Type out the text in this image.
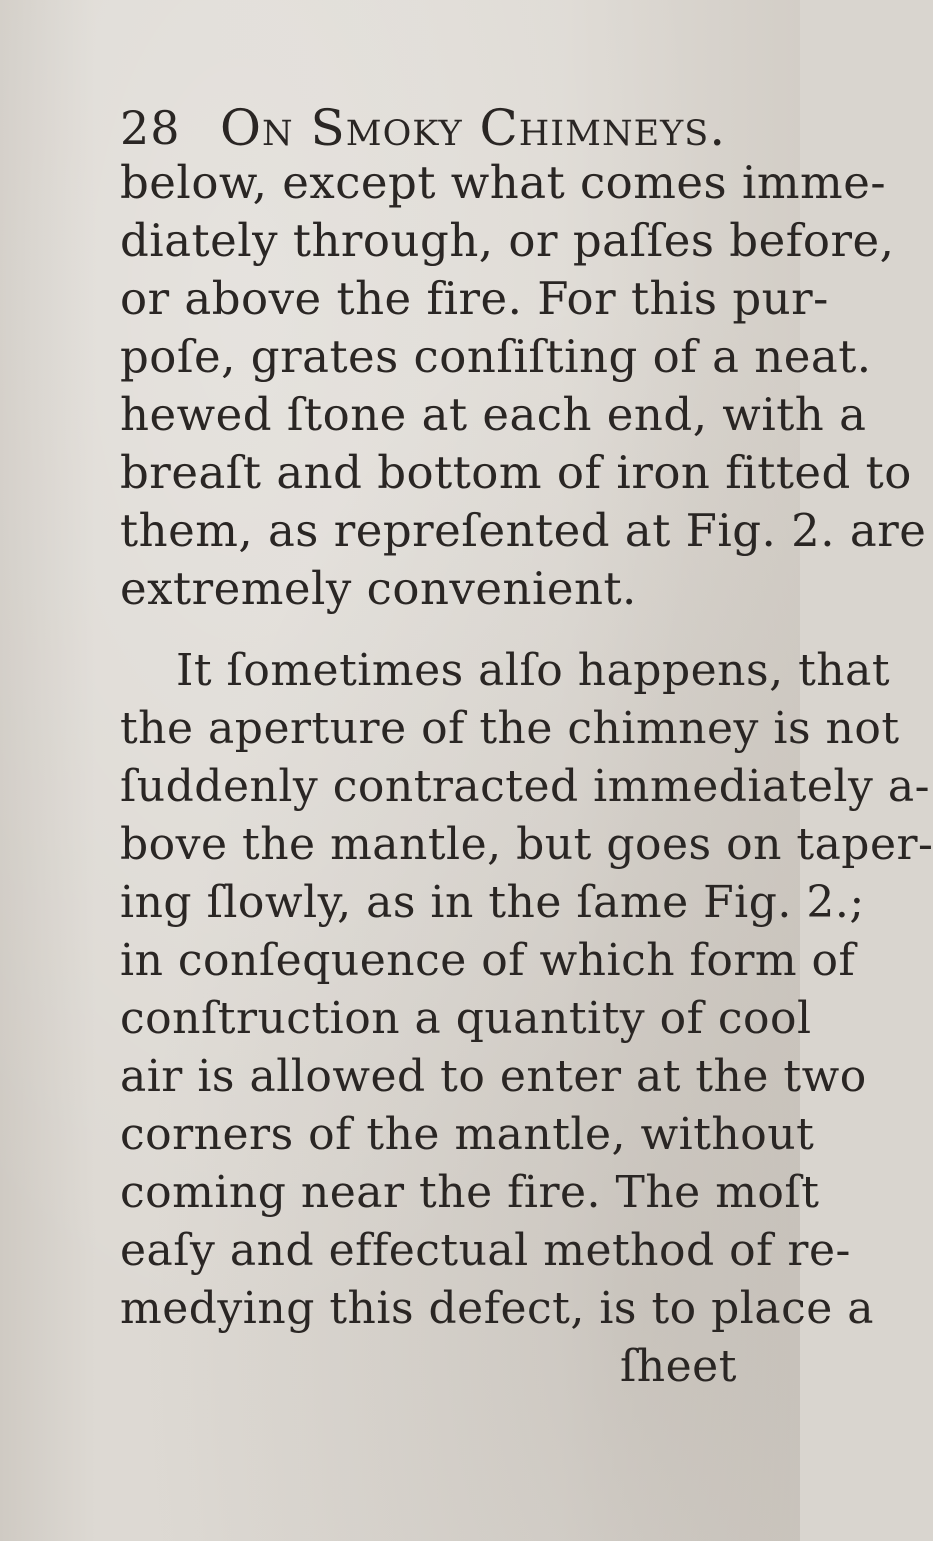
28 On Smoky Chimneys.
below, except what comes imme-
diately through, or paſſes before,
or above the fire. For this pur-
poſe, grates conſiſting of a neat.
hewed ſtone at each end, with a
breaſt and bottom of iron fitted to
them, as repreſented at Fig. 2. are
extremely convenient.
It ſometimes alſo happens, that
the aperture of the chimney is not
ſuddenly contracted immediately a-
bove the mantle, but goes on taper-
ing ſlowly, as in the ſame Fig. 2.;
in conſequence of which form of
conſtruction a quantity of cool
air is allowed to enter at the two
corners of the mantle, without
coming near the fire. The moſt
eaſy and effectual method of re-
medying this defect, is to place a
ſheet
